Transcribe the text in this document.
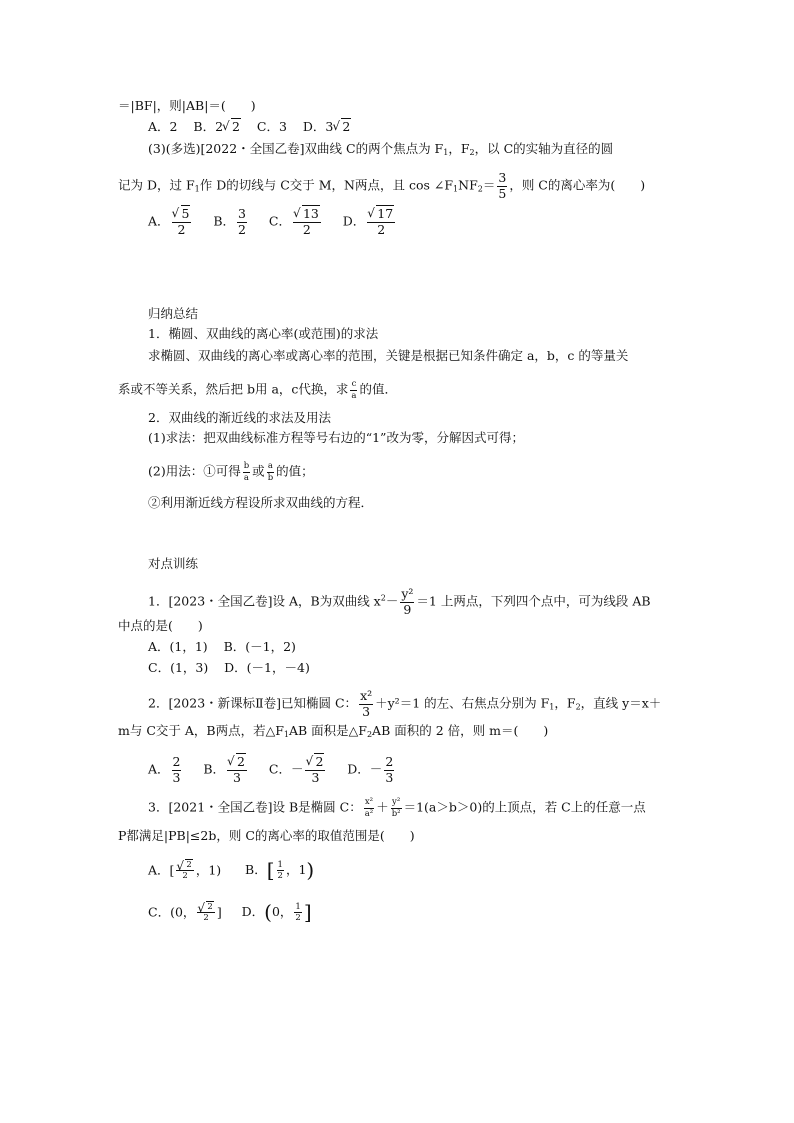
＝|BF|，则|AB|＝(　　)
A．2 B．2 √ 2 C．3 D．3 √ 2
(3)(多选)[2022・全国乙卷]双曲线 C的两个焦点为 $F_1$，$F_2$，以 C的实轴为直径的圆
记为 D，过 $F_1$作 D的切线与 C交于 M，N两点，且 $\cos \angle F_1NF_2= \frac{3}{5}$ ，则 C的离心率为(　　)
A． √ $\frac{5}{2}$ B． $\frac{3}{2}$ C． √ $\frac{13}{2}$ D． √ $\frac{17}{2}$
归纳总结
1．椭圆、双曲线的离心率(或范围)的求法
求椭圆、双曲线的离心率或离心率的范围，关键是根据已知条件确定 a，b，c 的等量关
系或不等关系，然后把 b用 a，c代换，求 $\frac{c}{a}$ 的值．
2．双曲线的渐近线的求法及用法
(1)求法：把双曲线标准方程等号右边的“1”改为零，分解因式可得；
(2)用法：①可得 $\frac{b}{a}$ 或 $\frac{a}{b}$ 的值；
②利用渐近线方程设所求双曲线的方程．
对点训练
1．[2023・全国乙卷]设 A，B为双曲线 $x^2- \frac{\text{y²}}{9} =1$ 上两点，下列四个点中，可为线段 AB
中点的是(　　)
A．(1，1) B．(－1，2)
C．(1，3) D．(－1，－4)
2．[2023・新课标Ⅱ卷]已知椭圆 C： $\frac{\text{x²}}{3} +y^2=1$ 的左、右焦点分别为 $F_1$，$F_2$，直线 y＝x＋
m与 C交于 A，B两点，若$\triangle F_1AB$ 面积是$\triangle F_2AB$ 面积的 2 倍，则 m＝(　　)
A． $\frac{2}{3}$ B． √ $\frac{2}{3}$ C．－ √ $\frac{2}{3}$ D．－ $\frac{2}{3}$
3．[2021・全国乙卷]设 B是椭圆 C： $\frac{\text{x²}}{\text{a²}} + \frac{\text{y²}}{\text{b²}} =1(a>b>0)$的上顶点，若 C上的任意一点
P都满足|PB|≤2b，则 C的离心率的取值范围是(　　)
A．[ √ $\frac{2}{2}$ ，1) B．[ $\frac{1}{2}$ ，1)
C．(0， √ $\frac{2}{2}$ ] D．(0， $\frac{1}{2}$ ]
